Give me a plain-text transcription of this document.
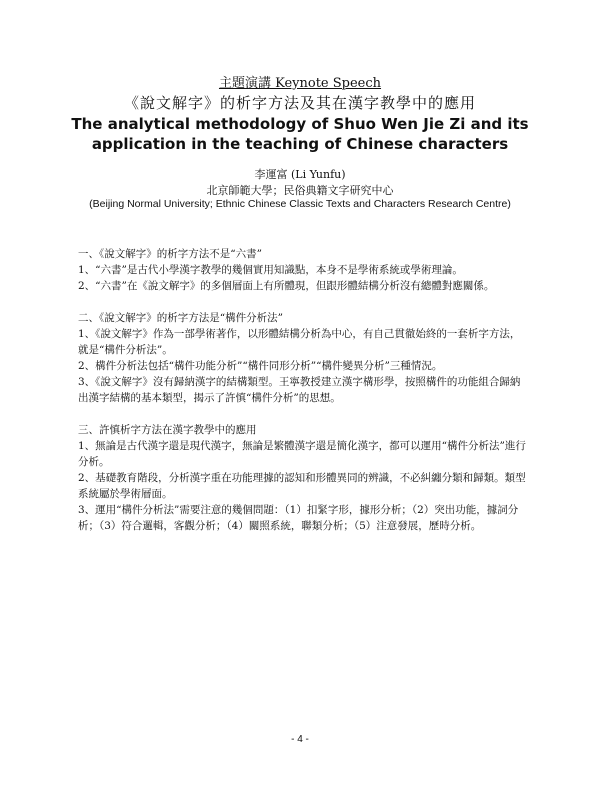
主題演講 Keynote Speech
《說文解字》的析字方法及其在漢字教學中的應用
The analytical methodology of Shuo Wen Jie Zi and its
application in the teaching of Chinese characters
李運富 (Li Yunfu)
北京師範大學；民俗典籍文字研究中心
(Beijing Normal University; Ethnic Chinese Classic Texts and Characters Research Centre)

一、《說文解字》的析字方法不是“六書”

1、“六書”是古代小學漢字教學的幾個實用知識點，本身不是學術系統或學術理論。

2、“六書”在《說文解字》的多個層面上有所體現，但跟形體結構分析沒有總體對應關係。

二、《說文解字》的析字方法是“構件分析法”

1、《說文解字》作為一部學術著作，以形體結構分析為中心，有自己貫徹始終的一套析字方法，就是“構件分析法”。

2、構件分析法包括“構件功能分析”“構件同形分析”“構件變異分析”三種情況。

3、《說文解字》沒有歸納漢字的結構類型。王寧教授建立漢字構形學，按照構件的功能組合歸納出漢字結構的基本類型，揭示了許慎“構件分析”的思想。

三、許慎析字方法在漢字教學中的應用

1、無論是古代漢字還是現代漢字，無論是繁體漢字還是簡化漢字，都可以運用“構件分析法”進行分析。

2、基礎教育階段，分析漢字重在功能理據的認知和形體異同的辨識，不必糾纏分類和歸類。類型系統屬於學術層面。

3、運用“構件分析法”需要注意的幾個問題：（1）扣緊字形，據形分析；（2）突出功能，據詞分析；（3）符合邏輯，客觀分析；（4）關照系統，聯類分析；（5）注意發展，歷時分析。

- 4 -
